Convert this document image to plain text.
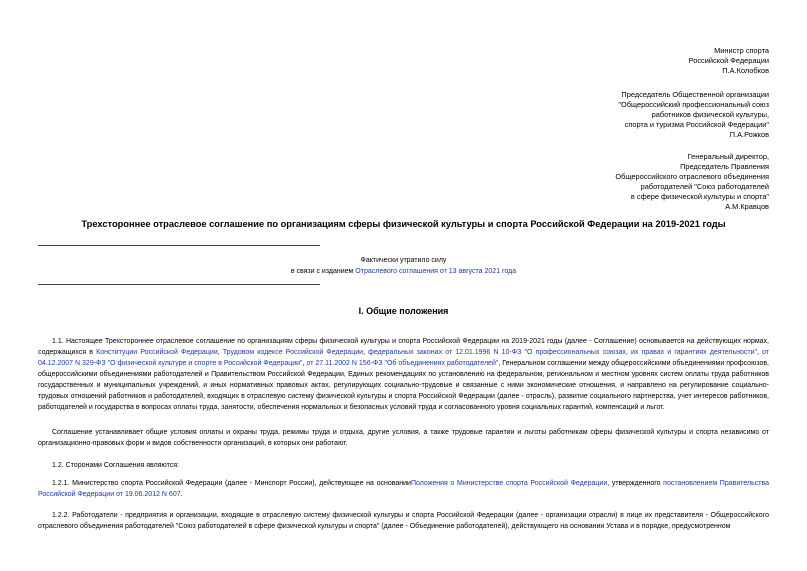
Министр спорта
Российской Федерации
П.А.Колобков
Председатель Общественной организации
"Общероссийский профессиональный союз
работников физической культуры,
спорта и туризма Российской Федерации"
П.А.Рожков
Генеральный директор,
Председатель Правления
Общероссийского отраслевого объединения
работодателей "Союз работодателей
в сфере физической культуры и спорта"
А.М.Кравцов
Трехстороннее отраслевое соглашение по организациям сферы физической культуры и спорта Российской Федерации на 2019-2021 годы
Фактически утратило силу
в связи с изданием Отраслевого соглашения от 13 августа 2021 года
I. Общие положения
1.1. Настоящее Трехстороннее отраслевое соглашение по организациям сферы физической культуры и спорта Российской Федерации на 2019-2021 годы (далее - Соглашение) основывается на действующих нормах, содержащихся в Конституции Российской Федерации, Трудовом кодексе Российской Федерации, федеральных законах от 12.01.1996 N 10-ФЗ "О профессиональных союзах, их правах и гарантиях деятельности", от 04.12.2007 N 329-ФЗ "О физической культуре и спорте в Российской Федерации", от 27.11.2002 N 156-ФЗ "Об объединениях работодателей", Генеральном соглашении между общероссийскими объединениями профсоюзов, общероссийскими объединениями работодателей и Правительством Российской Федерации, Единых рекомендациях по установлению на федеральном, региональном и местном уровнях систем оплаты труда работников государственных и муниципальных учреждений, и иных нормативных правовых актах, регулирующих социально-трудовые и связанные с ними экономические отношения, и направлено на регулирование социально-трудовых отношений работников и работодателей, входящих в отраслевую систему физической культуры и спорта Российской Федерации (далее - отрасль), развитие социального партнерства, учет интересов работников, работодателей и государства в вопросах оплаты труда, занятости, обеспечения нормальных и безопасных условий труда и согласованного уровня социальных гарантий, компенсаций и льгот.
Соглашение устанавливает общие условия оплаты и охраны труда, режимы труда и отдыха, другие условия, а также трудовые гарантии и льготы работникам сферы физической культуры и спорта независимо от организационно-правовых форм и видов собственности организаций, в которых они работают.
1.2. Сторонами Соглашения являются:
1.2.1. Министерство спорта Российской Федерации (далее - Минспорт России), действующее на основанииПоложения о Министерстве спорта Российской Федерации, утвержденного постановлением Правительства Российской Федерации от 19.06.2012 N 607.
1.2.2. Работодатели - предприятия и организации, входящие в отраслевую систему физической культуры и спорта Российской Федерации (далее - организации отрасли) в лице их представителя - Общероссийского отраслевого объединения работодателей "Союз работодателей в сфере физической культуры и спорта" (далее - Объединение работодателей), действующего на основании Устава и в порядке, предусмотренном
